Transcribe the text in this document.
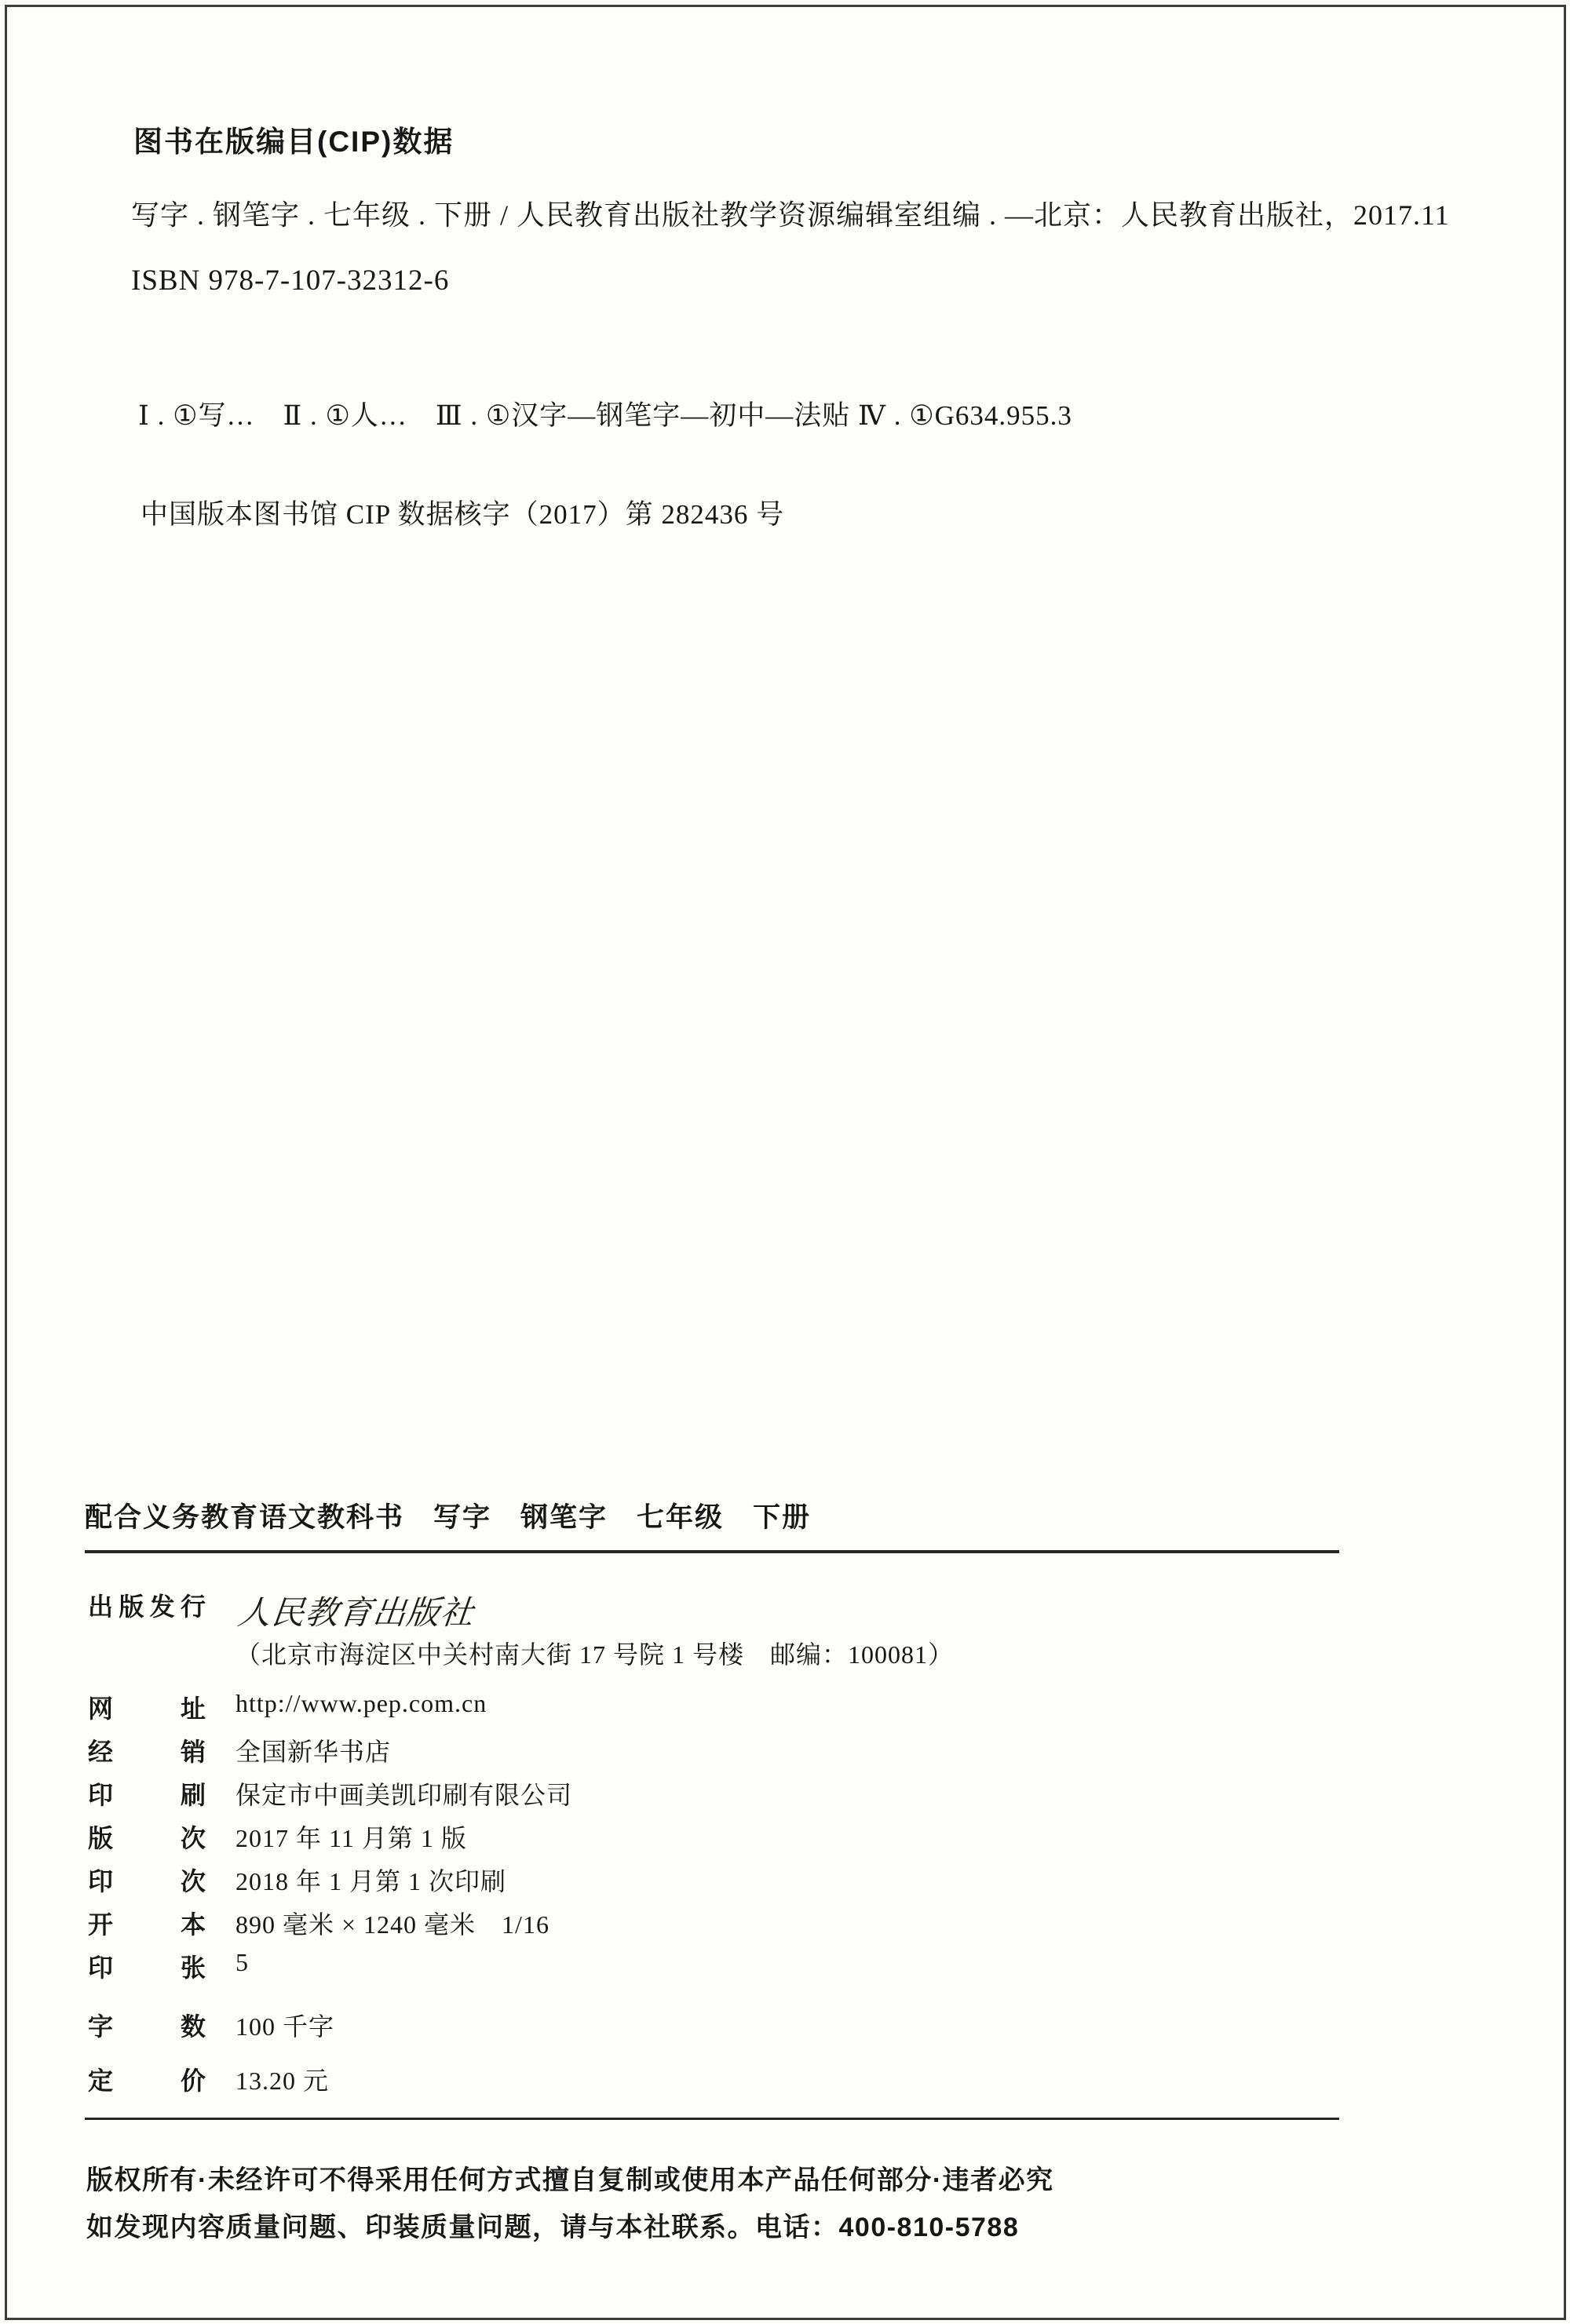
图书在版编目(CIP)数据
写字 . 钢笔字 . 七年级 . 下册 / 人民教育出版社教学资源编辑室组编 . —北京：人民教育出版社，2017.11
ISBN 978-7-107-32312-6
Ⅰ . ①写…　Ⅱ . ①人…　Ⅲ . ①汉字—钢笔字—初中—法贴 Ⅳ . ①G634.955.3
中国版本图书馆 CIP 数据核字（2017）第 282436 号
配合义务教育语文教科书　写字　钢笔字　七年级　下册
出版发行 人民教育出版社
（北京市海淀区中关村南大街 17 号院 1 号楼　邮编：100081）
网址 http://www.pep.com.cn
经销 全国新华书店
印刷 保定市中画美凯印刷有限公司
版次 2017 年 11 月第 1 版
印次 2018 年 1 月第 1 次印刷
开本 890 毫米 × 1240 毫米　1/16
印张 5
字数 100 千字
定价 13.20 元
版权所有·未经许可不得采用任何方式擅自复制或使用本产品任何部分·违者必究
如发现内容质量问题、印装质量问题，请与本社联系。电话：400-810-5788
